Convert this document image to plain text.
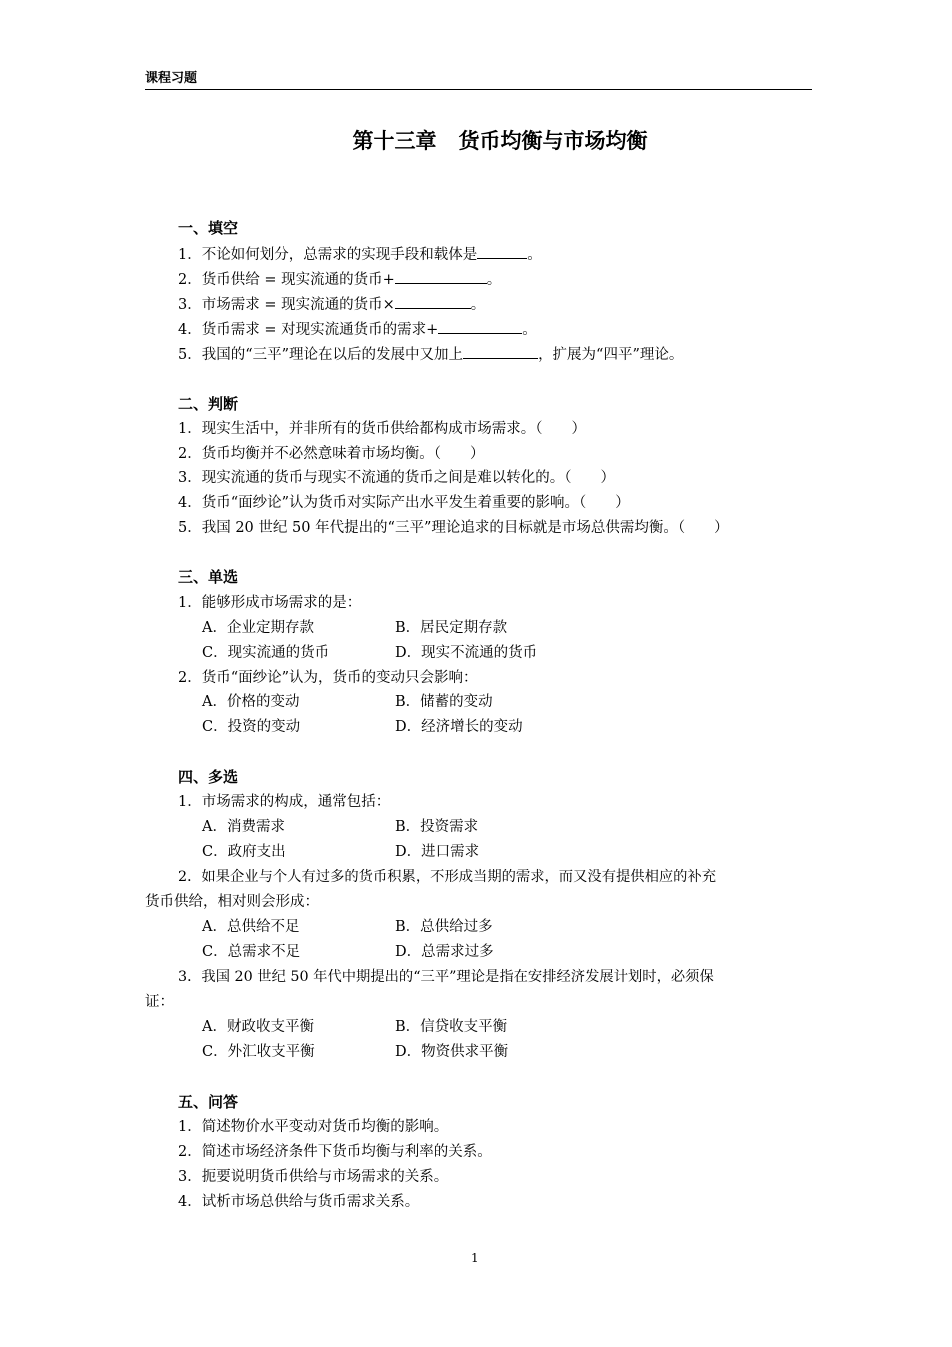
课程习题
第十三章 货币均衡与市场均衡
一、填空
1．不论如何划分，总需求的实现手段和载体是	。
2．货币供给 = 现实流通的货币+	。
3．市场需求 = 现实流通的货币×	。
4．货币需求 = 对现实流通货币的需求+	。
5．我国的“三平”理论在以后的发展中又加上	，扩展为“四平”理论。
二、判断
1．现实生活中，并非所有的货币供给都构成市场需求。（　　）
2．货币均衡并不必然意味着市场均衡。（　　）
3．现实流通的货币与现实不流通的货币之间是难以转化的。（　　）
4．货币“面纱论”认为货币对实际产出水平发生着重要的影响。（　　）
5．我国 20 世纪 50 年代提出的“三平”理论追求的目标就是市场总供需均衡。（　　）
三、单选
1．能够形成市场需求的是：
A．企业定期存款	B．居民定期存款
C．现实流通的货币	D．现实不流通的货币
2．货币“面纱论”认为，货币的变动只会影响：
A．价格的变动	B．储蓄的变动
C．投资的变动	D．经济增长的变动
四、多选
1．市场需求的构成，通常包括：
A．消费需求	B．投资需求
C．政府支出	D．进口需求
2．如果企业与个人有过多的货币积累，不形成当期的需求，而又没有提供相应的补充
货币供给，相对则会形成：
A．总供给不足	B．总供给过多
C．总需求不足	D．总需求过多
3．我国 20 世纪 50 年代中期提出的“三平”理论是指在安排经济发展计划时，必须保
证：
A．财政收支平衡	B．信贷收支平衡
C．外汇收支平衡	D．物资供求平衡
五、问答
1．简述物价水平变动对货币均衡的影响。
2．简述市场经济条件下货币均衡与利率的关系。
3．扼要说明货币供给与市场需求的关系。
4．试析市场总供给与货币需求关系。
1
